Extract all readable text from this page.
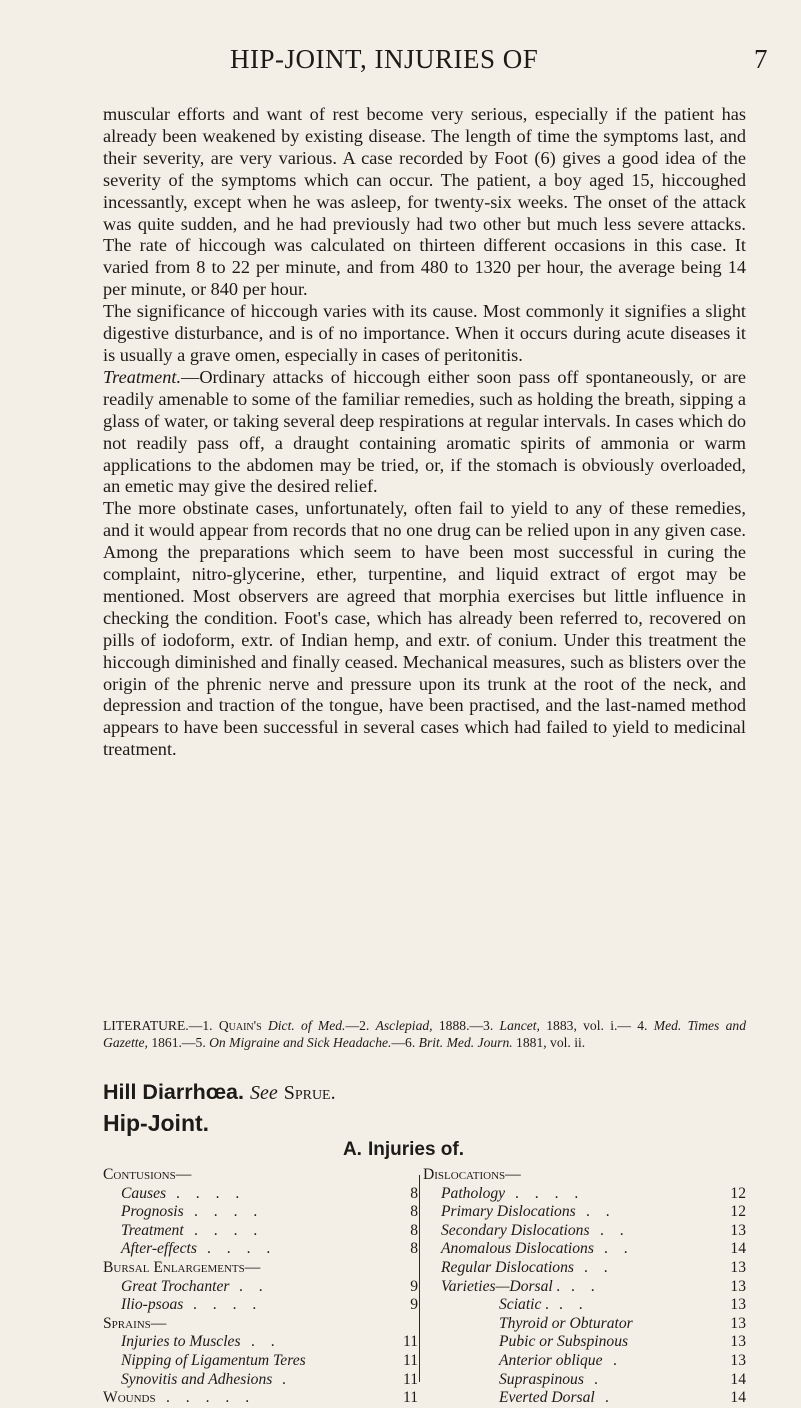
HIP-JOINT, INJURIES OF	7

muscular efforts and want of rest become very serious, especially if the patient has already been weakened by existing disease. The length of time the symptoms last, and their severity, are very various. A case recorded by Foot (6) gives a good idea of the severity of the symptoms which can occur. The patient, a boy aged 15, hiccoughed incessantly, except when he was asleep, for twenty-six weeks. The onset of the attack was quite sudden, and he had previously had two other but much less severe attacks. The rate of hiccough was calculated on thirteen different occasions in this case. It varied from 8 to 22 per minute, and from 480 to 1320 per hour, the average being 14 per minute, or 840 per hour.

The significance of hiccough varies with its cause. Most commonly it signifies a slight digestive disturbance, and is of no importance. When it occurs during acute diseases it is usually a grave omen, especially in cases of peritonitis.

Treatment.—Ordinary attacks of hiccough either soon pass off spontaneously, or are readily amenable to some of the familiar remedies, such as holding the breath, sipping a glass of water, or taking several deep respirations at regular intervals. In cases which do not readily pass off, a draught containing aromatic spirits of ammonia or warm applications to the abdomen may be tried, or, if the stomach is obviously overloaded, an emetic may give the desired relief.

The more obstinate cases, unfortunately, often fail to yield to any of these remedies, and it would appear from records that no one drug can be relied upon in any given case. Among the preparations which seem to have been most successful in curing the complaint, nitro-glycerine, ether, turpentine, and liquid extract of ergot may be mentioned. Most observers are agreed that morphia exercises but little influence in checking the condition. Foot's case, which has already been referred to, recovered on pills of iodoform, extr. of Indian hemp, and extr. of conium. Under this treatment the hiccough diminished and finally ceased. Mechanical measures, such as blisters over the origin of the phrenic nerve and pressure upon its trunk at the root of the neck, and depression and traction of the tongue, have been practised, and the last-named method appears to have been successful in several cases which had failed to yield to medicinal treatment.

LITERATURE.—1. Quain's Dict. of Med.—2. Asclepiad, 1888.—3. Lancet, 1883, vol. i.— 4. Med. Times and Gazette, 1861.—5. On Migraine and Sick Headache.—6. Brit. Med. Journ. 1881, vol. ii.
Hill Diarrhœa. See Sprue.
Hip-Joint.
A. Injuries of.
Contusions—
Causes . . . .	8
Prognosis . . . .	8
Treatment . . . .	8
After-effects . . . .	8
Bursal Enlargements—
Great Trochanter . .	9
Ilio-psoas . . . .	9
Sprains—
Injuries to Muscles . .	11
Nipping of Ligamentum Teres	11
Synovitis and Adhesions .	11
Wounds . . . . .	11
Dislocations—
Pathology . . . .	12
Primary Dislocations . .	12
Secondary Dislocations . .	13
Anomalous Dislocations . .	14
Regular Dislocations . .	13
Varieties—Dorsal . . .	13
Sciatic . . .	13
Thyroid or Obturator	13
Pubic or Subspinous	13
Anterior oblique .	13
Supraspinous .	14
Everted Dorsal .	14
